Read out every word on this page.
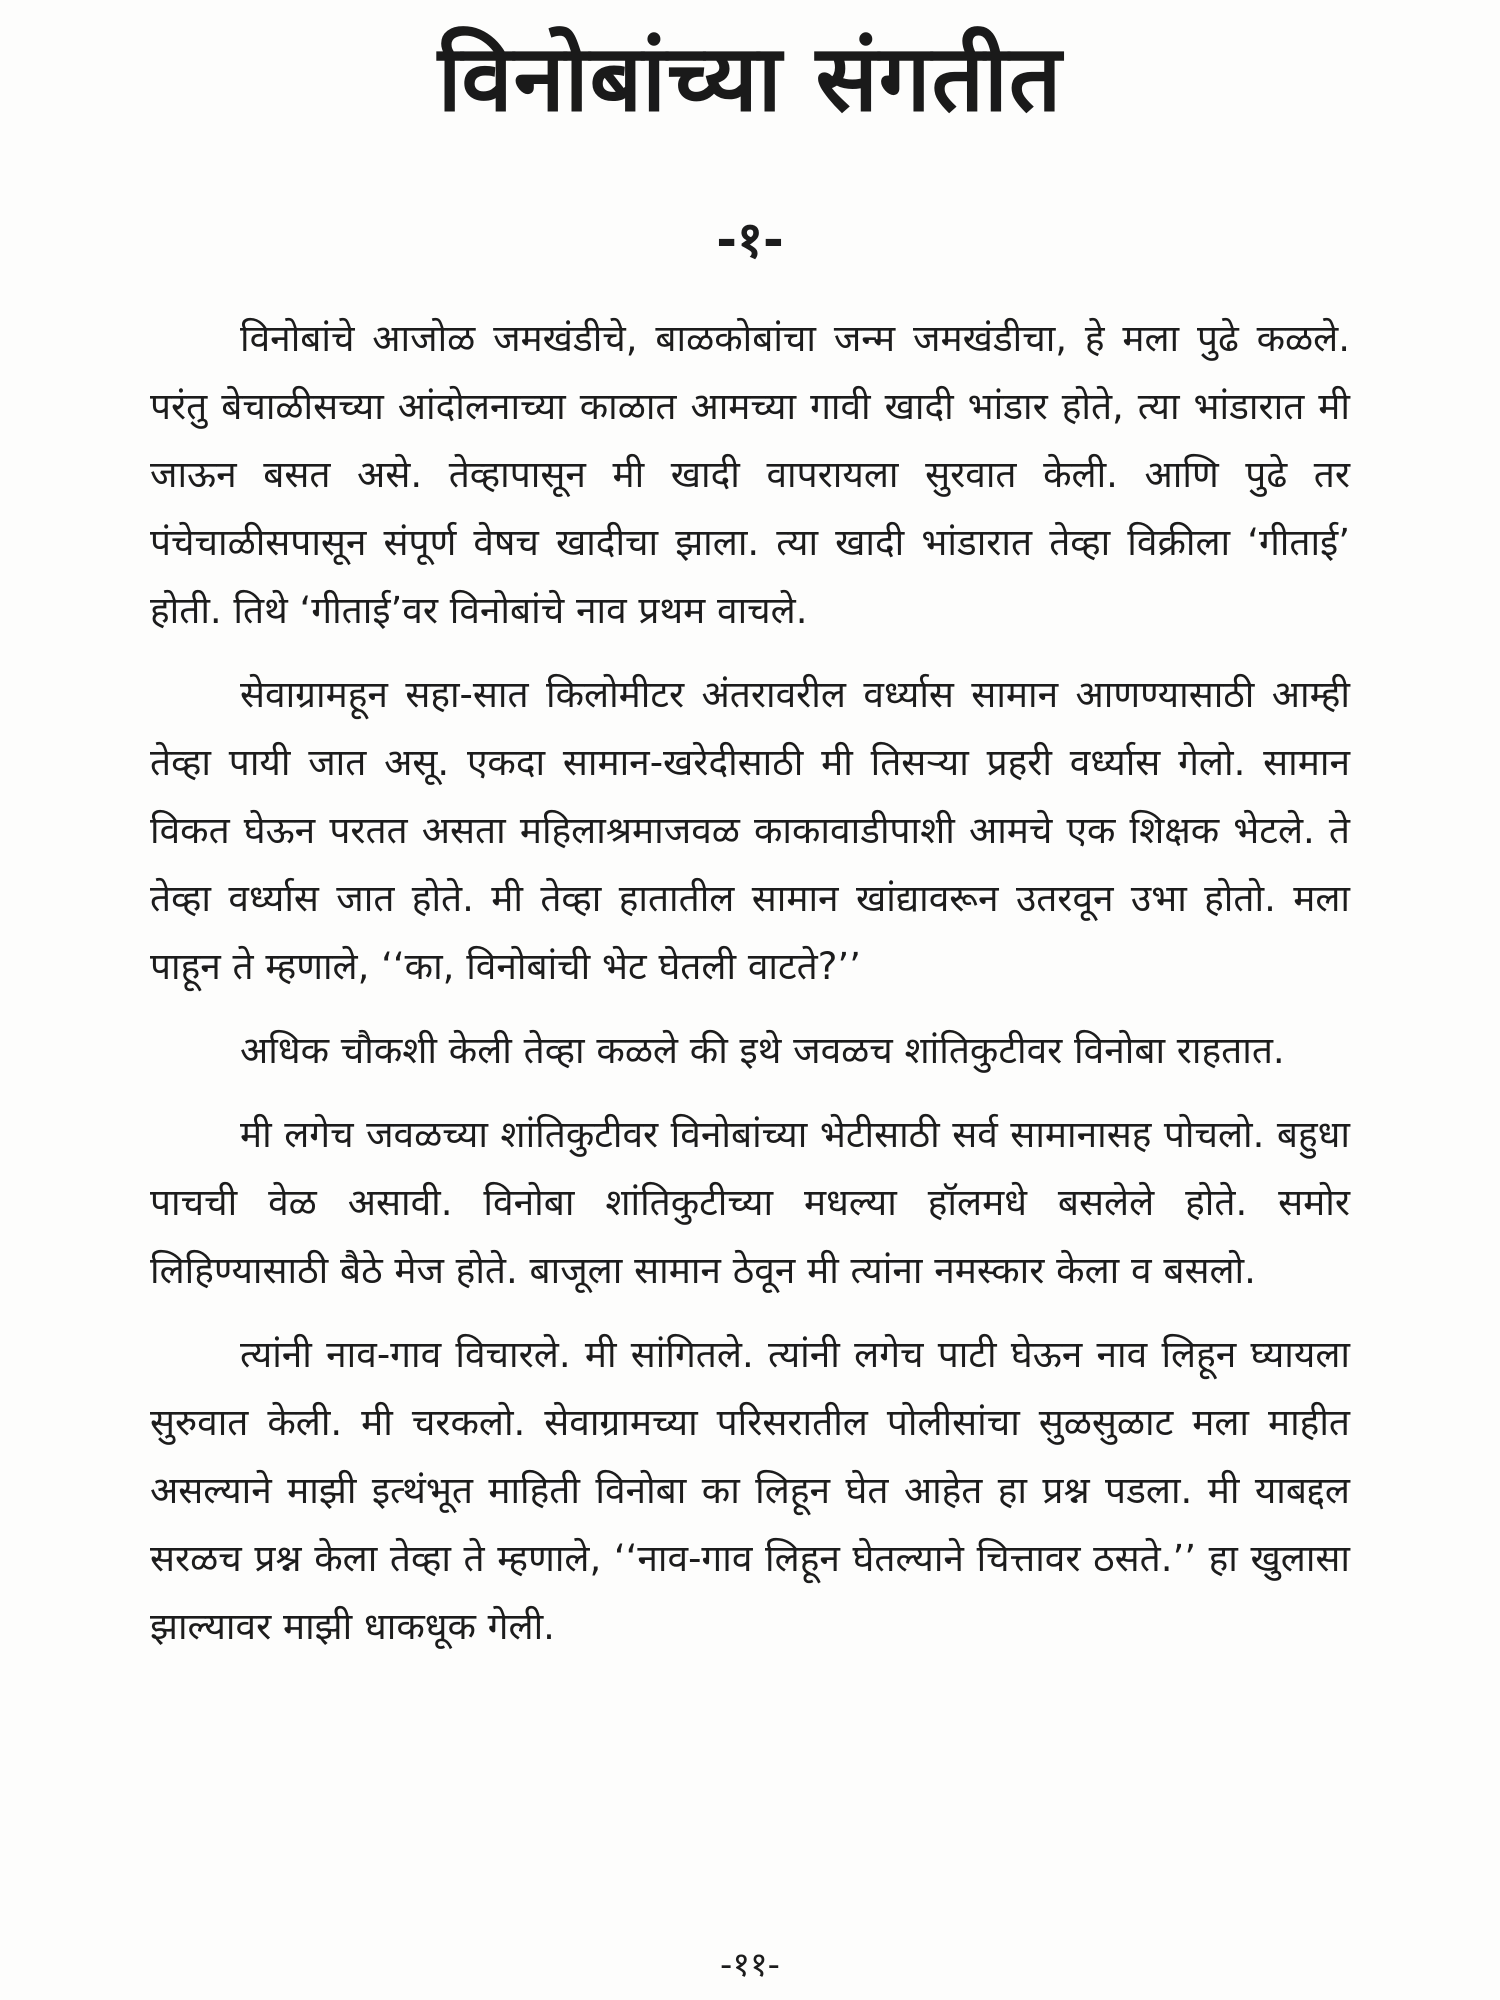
विनोबांच्या संगतीत
-१-

विनोबांचे आजोळ जमखंडीचे, बाळकोबांचा जन्म जमखंडीचा, हे मला पुढे कळले. परंतु बेचाळीसच्या आंदोलनाच्या काळात आमच्या गावी खादी भांडार होते, त्या भांडारात मी जाऊन बसत असे. तेव्हापासून मी खादी वापरायला सुरवात केली. आणि पुढे तर पंचेचाळीसपासून संपूर्ण वेषच खादीचा झाला. त्या खादी भांडारात तेव्हा विक्रीला ‘गीताई’ होती. तिथे ‘गीताई’वर विनोबांचे नाव प्रथम वाचले.

सेवाग्रामहून सहा-सात किलोमीटर अंतरावरील वर्ध्यास सामान आणण्यासाठी आम्ही तेव्हा पायी जात असू. एकदा सामान-खरेदीसाठी मी तिसऱ्या प्रहरी वर्ध्यास गेलो. सामान विकत घेऊन परतत असता महिलाश्रमाजवळ काकावाडीपाशी आमचे एक शिक्षक भेटले. ते तेव्हा वर्ध्यास जात होते. मी तेव्हा हातातील सामान खांद्यावरून उतरवून उभा होतो. मला पाहून ते म्हणाले, ‘‘का, विनोबांची भेट घेतली वाटते?’’

अधिक चौकशी केली तेव्हा कळले की इथे जवळच शांतिकुटीवर विनोबा राहतात.

मी लगेच जवळच्या शांतिकुटीवर विनोबांच्या भेटीसाठी सर्व सामानासह पोचलो. बहुधा पाचची वेळ असावी. विनोबा शांतिकुटीच्या मधल्या हॉलमधे बसलेले होते. समोर लिहिण्यासाठी बैठे मेज होते. बाजूला सामान ठेवून मी त्यांना नमस्कार केला व बसलो.

त्यांनी नाव-गाव विचारले. मी सांगितले. त्यांनी लगेच पाटी घेऊन नाव लिहून घ्यायला सुरुवात केली. मी चरकलो. सेवाग्रामच्या परिसरातील पोलीसांचा सुळसुळाट मला माहीत असल्याने माझी इत्थंभूत माहिती विनोबा का लिहून घेत आहेत हा प्रश्न पडला. मी याबद्दल सरळच प्रश्न केला तेव्हा ते म्हणाले, ‘‘नाव-गाव लिहून घेतल्याने चित्तावर ठसते.’’ हा खुलासा झाल्यावर माझी धाकधूक गेली.

-११-
